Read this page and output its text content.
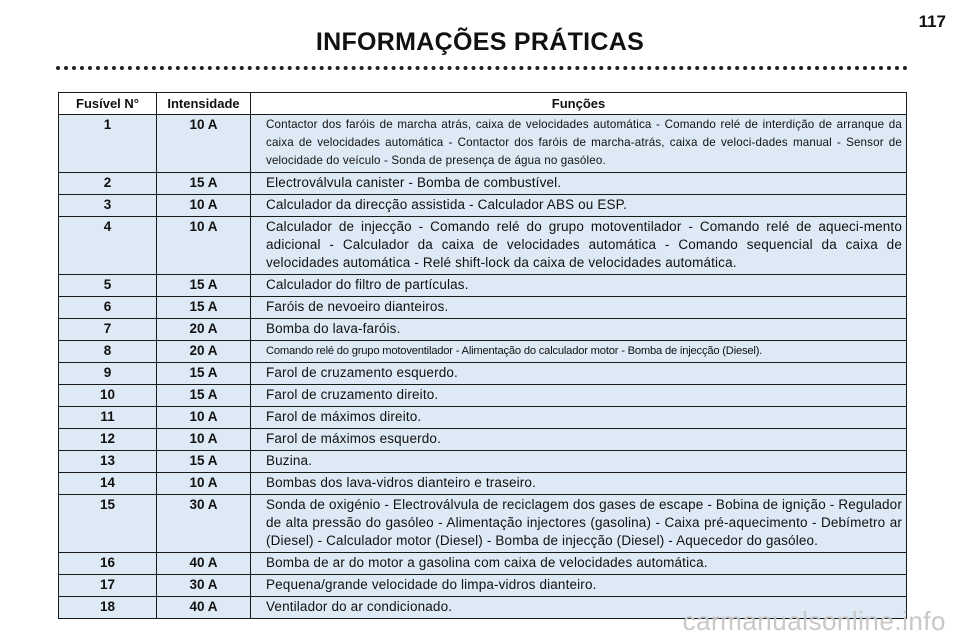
117
INFORMAÇÕES PRÁTICAS
Fusível N°	Intensidade	Funções
1	10 A	Contactor dos faróis de marcha atrás, caixa de velocidades automática - Comando relé de interdição de arranque da caixa de velocidades automática - Contactor dos faróis de marcha-atrás, caixa de veloci-dades manual - Sensor de velocidade do veículo - Sonda de presença de água no gasóleo.
2	15 A	Electroválvula canister - Bomba de combustível.
3	10 A	Calculador da direcção assistida - Calculador ABS ou ESP.
4	10 A	Calculador de injecção - Comando relé do grupo motoventilador - Comando relé de aqueci-mento adicional - Calculador da caixa de velocidades automática - Comando sequencial da caixa de velocidades automática - Relé shift-lock da caixa de velocidades automática.
5	15 A	Calculador do filtro de partículas.
6	15 A	Faróis de nevoeiro dianteiros.
7	20 A	Bomba do lava-faróis.
8	20 A	Comando relé do grupo motoventilador - Alimentação do calculador motor - Bomba de injecção (Diesel).
9	15 A	Farol de cruzamento esquerdo.
10	15 A	Farol de cruzamento direito.
11	10 A	Farol de máximos direito.
12	10 A	Farol de máximos esquerdo.
13	15 A	Buzina.
14	10 A	Bombas dos lava-vidros dianteiro e traseiro.
15	30 A	Sonda de oxigénio - Electroválvula de reciclagem dos gases de escape - Bobina de ignição - Regulador de alta pressão do gasóleo - Alimentação injectores (gasolina) - Caixa pré-aquecimento - Debímetro ar (Diesel) - Calculador motor (Diesel) - Bomba de injecção (Diesel) - Aquecedor do gasóleo.
16	40 A	Bomba de ar do motor a gasolina com caixa de velocidades automática.
17	30 A	Pequena/grande velocidade do limpa-vidros dianteiro.
18	40 A	Ventilador do ar condicionado.	carmanualsonline.info
